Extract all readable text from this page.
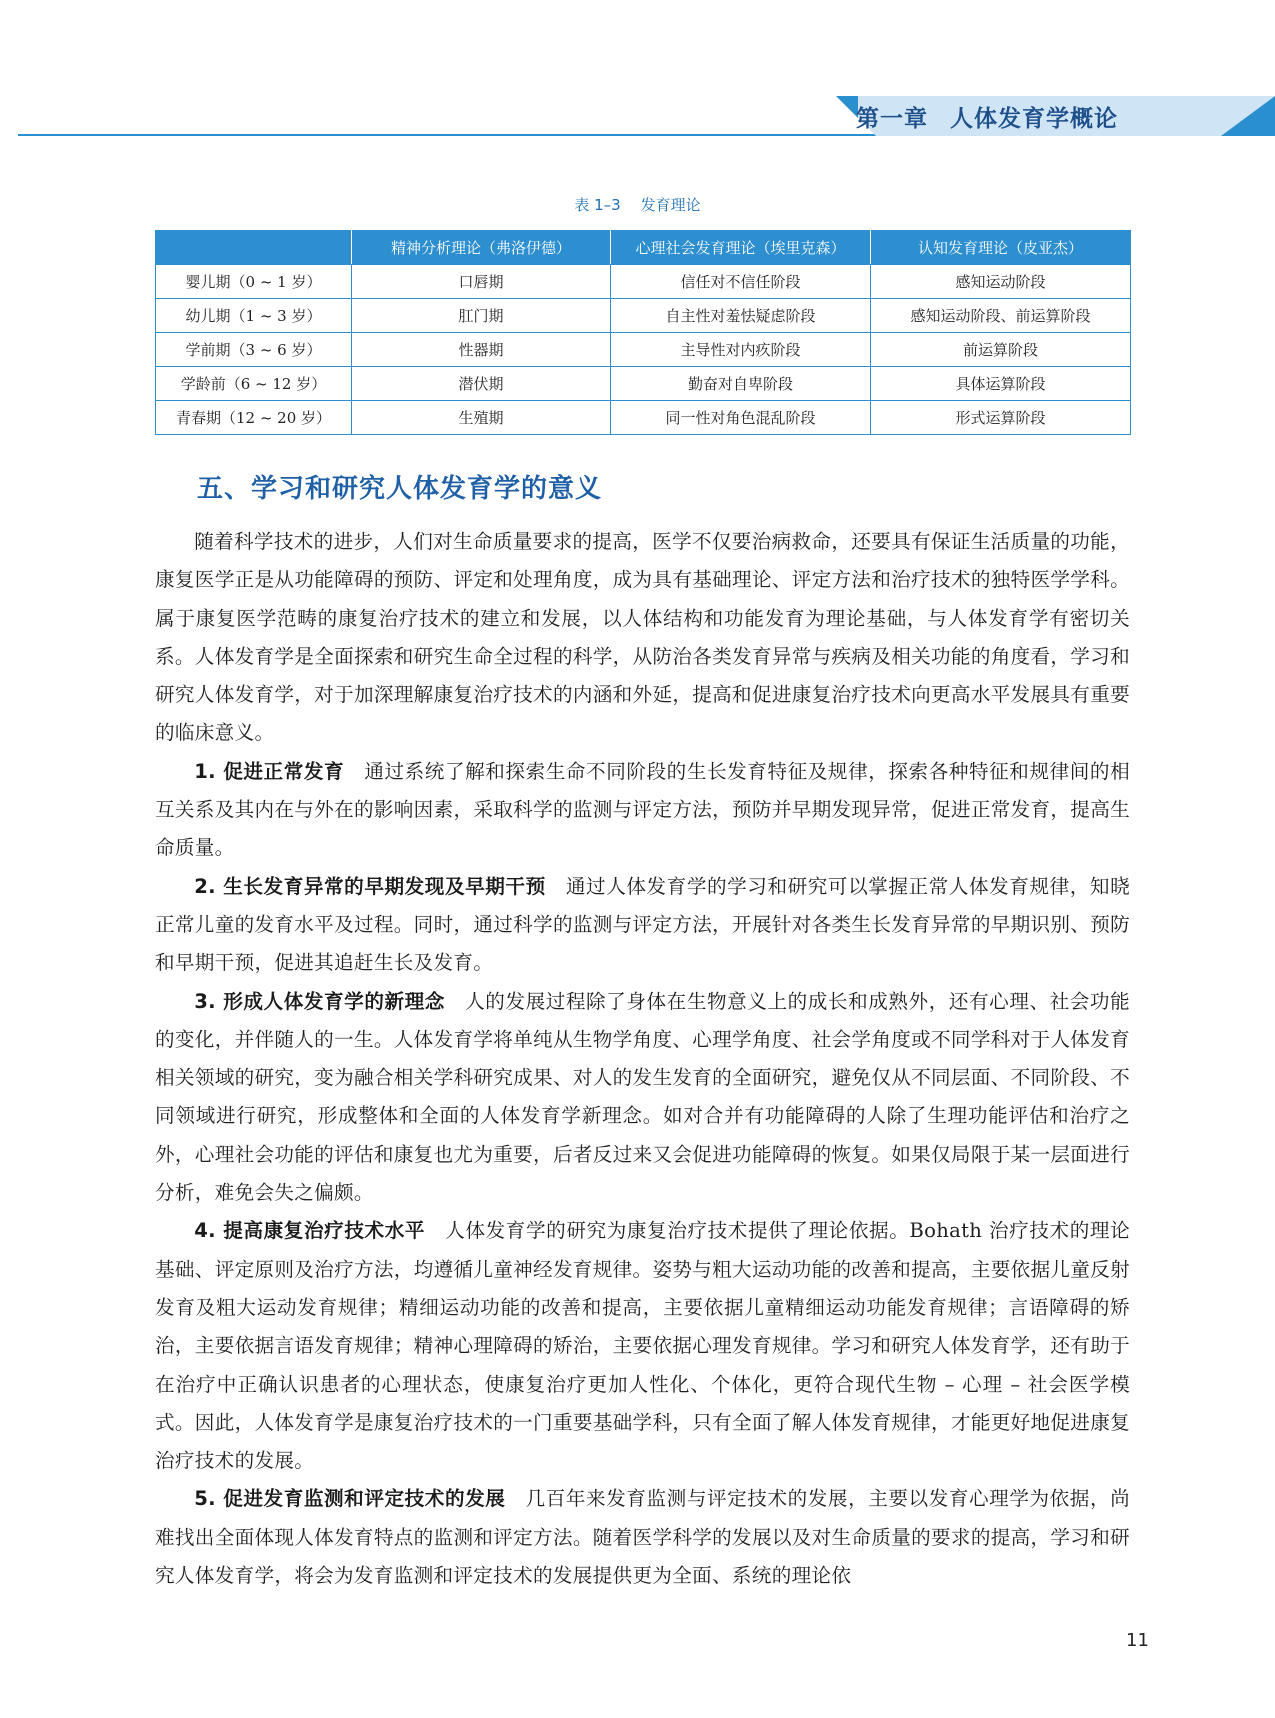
第一章 人体发育学概论
表 1–3 发育理论
	精神分析理论（弗洛伊德）	心理社会发育理论（埃里克森）	认知发育理论（皮亚杰）
婴儿期（0 ~ 1 岁）	口唇期	信任对不信任阶段	感知运动阶段
幼儿期（1 ~ 3 岁）	肛门期	自主性对羞怯疑虑阶段	感知运动阶段、前运算阶段
学前期（3 ~ 6 岁）	性器期	主导性对内疚阶段	前运算阶段
学龄前（6 ~ 12 岁）	潜伏期	勤奋对自卑阶段	具体运算阶段
青春期（12 ~ 20 岁）	生殖期	同一性对角色混乱阶段	形式运算阶段
五、学习和研究人体发育学的意义

随着科学技术的进步，人们对生命质量要求的提高，医学不仅要治病救命，还要具有保证生活质量的功能，康复医学正是从功能障碍的预防、评定和处理角度，成为具有基础理论、评定方法和治疗技术的独特医学学科。属于康复医学范畴的康复治疗技术的建立和发展，以人体结构和功能发育为理论基础，与人体发育学有密切关系。人体发育学是全面探索和研究生命全过程的科学，从防治各类发育异常与疾病及相关功能的角度看，学习和研究人体发育学，对于加深理解康复治疗技术的内涵和外延，提高和促进康复治疗技术向更高水平发展具有重要的临床意义。

1. 促进正常发育　 通过系统了解和探索生命不同阶段的生长发育特征及规律，探索各种特征和规律间的相互关系及其内在与外在的影响因素，采取科学的监测与评定方法，预防并早期发现异常，促进正常发育，提高生命质量。

2. 生长发育异常的早期发现及早期干预　 通过人体发育学的学习和研究可以掌握正常人体发育规律，知晓正常儿童的发育水平及过程。同时，通过科学的监测与评定方法，开展针对各类生长发育异常的早期识别、预防和早期干预，促进其追赶生长及发育。

3. 形成人体发育学的新理念　 人的发展过程除了身体在生物意义上的成长和成熟外，还有心理、社会功能的变化，并伴随人的一生。人体发育学将单纯从生物学角度、心理学角度、社会学角度或不同学科对于人体发育相关领域的研究，变为融合相关学科研究成果、对人的发生发育的全面研究，避免仅从不同层面、不同阶段、不同领域进行研究，形成整体和全面的人体发育学新理念。如对合并有功能障碍的人除了生理功能评估和治疗之外，心理社会功能的评估和康复也尤为重要，后者反过来又会促进功能障碍的恢复。如果仅局限于某一层面进行分析，难免会失之偏颇。

4. 提高康复治疗技术水平　 人体发育学的研究为康复治疗技术提供了理论依据。Bohath 治疗技术的理论基础、评定原则及治疗方法，均遵循儿童神经发育规律。姿势与粗大运动功能的改善和提高，主要依据儿童反射发育及粗大运动发育规律；精细运动功能的改善和提高，主要依据儿童精细运动功能发育规律；言语障碍的矫治，主要依据言语发育规律；精神心理障碍的矫治，主要依据心理发育规律。学习和研究人体发育学，还有助于在治疗中正确认识患者的心理状态，使康复治疗更加人性化、个体化，更符合现代生物 – 心理 – 社会医学模式。因此，人体发育学是康复治疗技术的一门重要基础学科，只有全面了解人体发育规律，才能更好地促进康复治疗技术的发展。

5. 促进发育监测和评定技术的发展　 几百年来发育监测与评定技术的发展，主要以发育心理学为依据，尚难找出全面体现人体发育特点的监测和评定方法。随着医学科学的发展以及对生命质量的要求的提高，学习和研究人体发育学，将会为发育监测和评定技术的发展提供更为全面、系统的理论依

11
